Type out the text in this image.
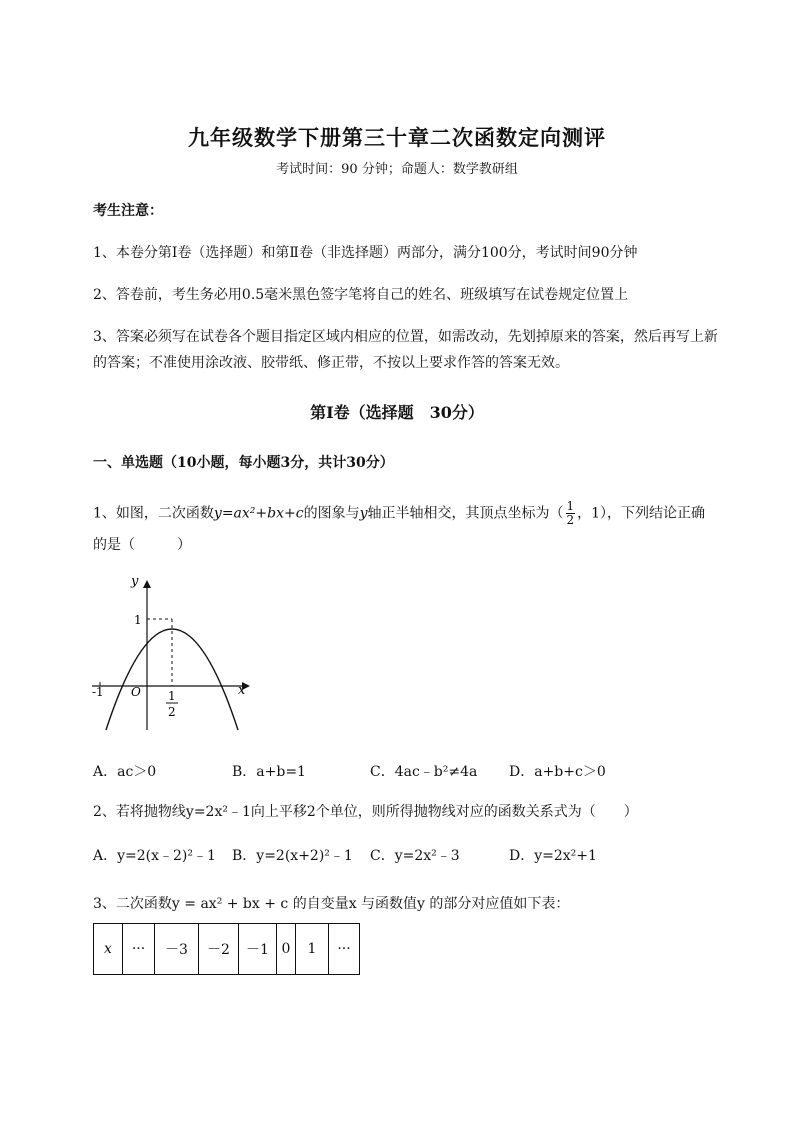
九年级数学下册第三十章二次函数定向测评
考试时间：90 分钟；命题人：数学教研组
考生注意：
1、本卷分第Ⅰ卷（选择题）和第Ⅱ卷（非选择题）两部分，满分100分，考试时间90分钟
2、答卷前，考生务必用0.5毫米黑色签字笔将自己的姓名、班级填写在试卷规定位置上
3、答案必须写在试卷各个题目指定区域内相应的位置，如需改动，先划掉原来的答案，然后再写上新
的答案；不准使用涂改液、胶带纸、修正带，不按以上要求作答的答案无效。
第Ⅰ卷（选择题　30分）
一、单选题（10小题，每小题3分，共计30分）
1、如图，二次函数y=ax²+bx+c的图象与y轴正半轴相交，其顶点坐标为（ $\frac{1}{2}$ ，1），下列结论正确
的是（　　　）
y
x
1
-1 O 1
2
A．ac＞0	B．a+b=1	C．4ac﹣b²≠4a D．a+b+c＞0
2、若将抛物线y=2x²﹣1向上平移2个单位，则所得抛物线对应的函数关系式为（　　）
A．y=2(x﹣2)²﹣1 B．y=2(x+2)²﹣1 C．y=2x²﹣3	D．y=2x²+1
3、二次函数y = ax² + bx + c 的自变量x 与函数值y 的部分对应值如下表：
x	···	－3	－2	－1	0	1	···
